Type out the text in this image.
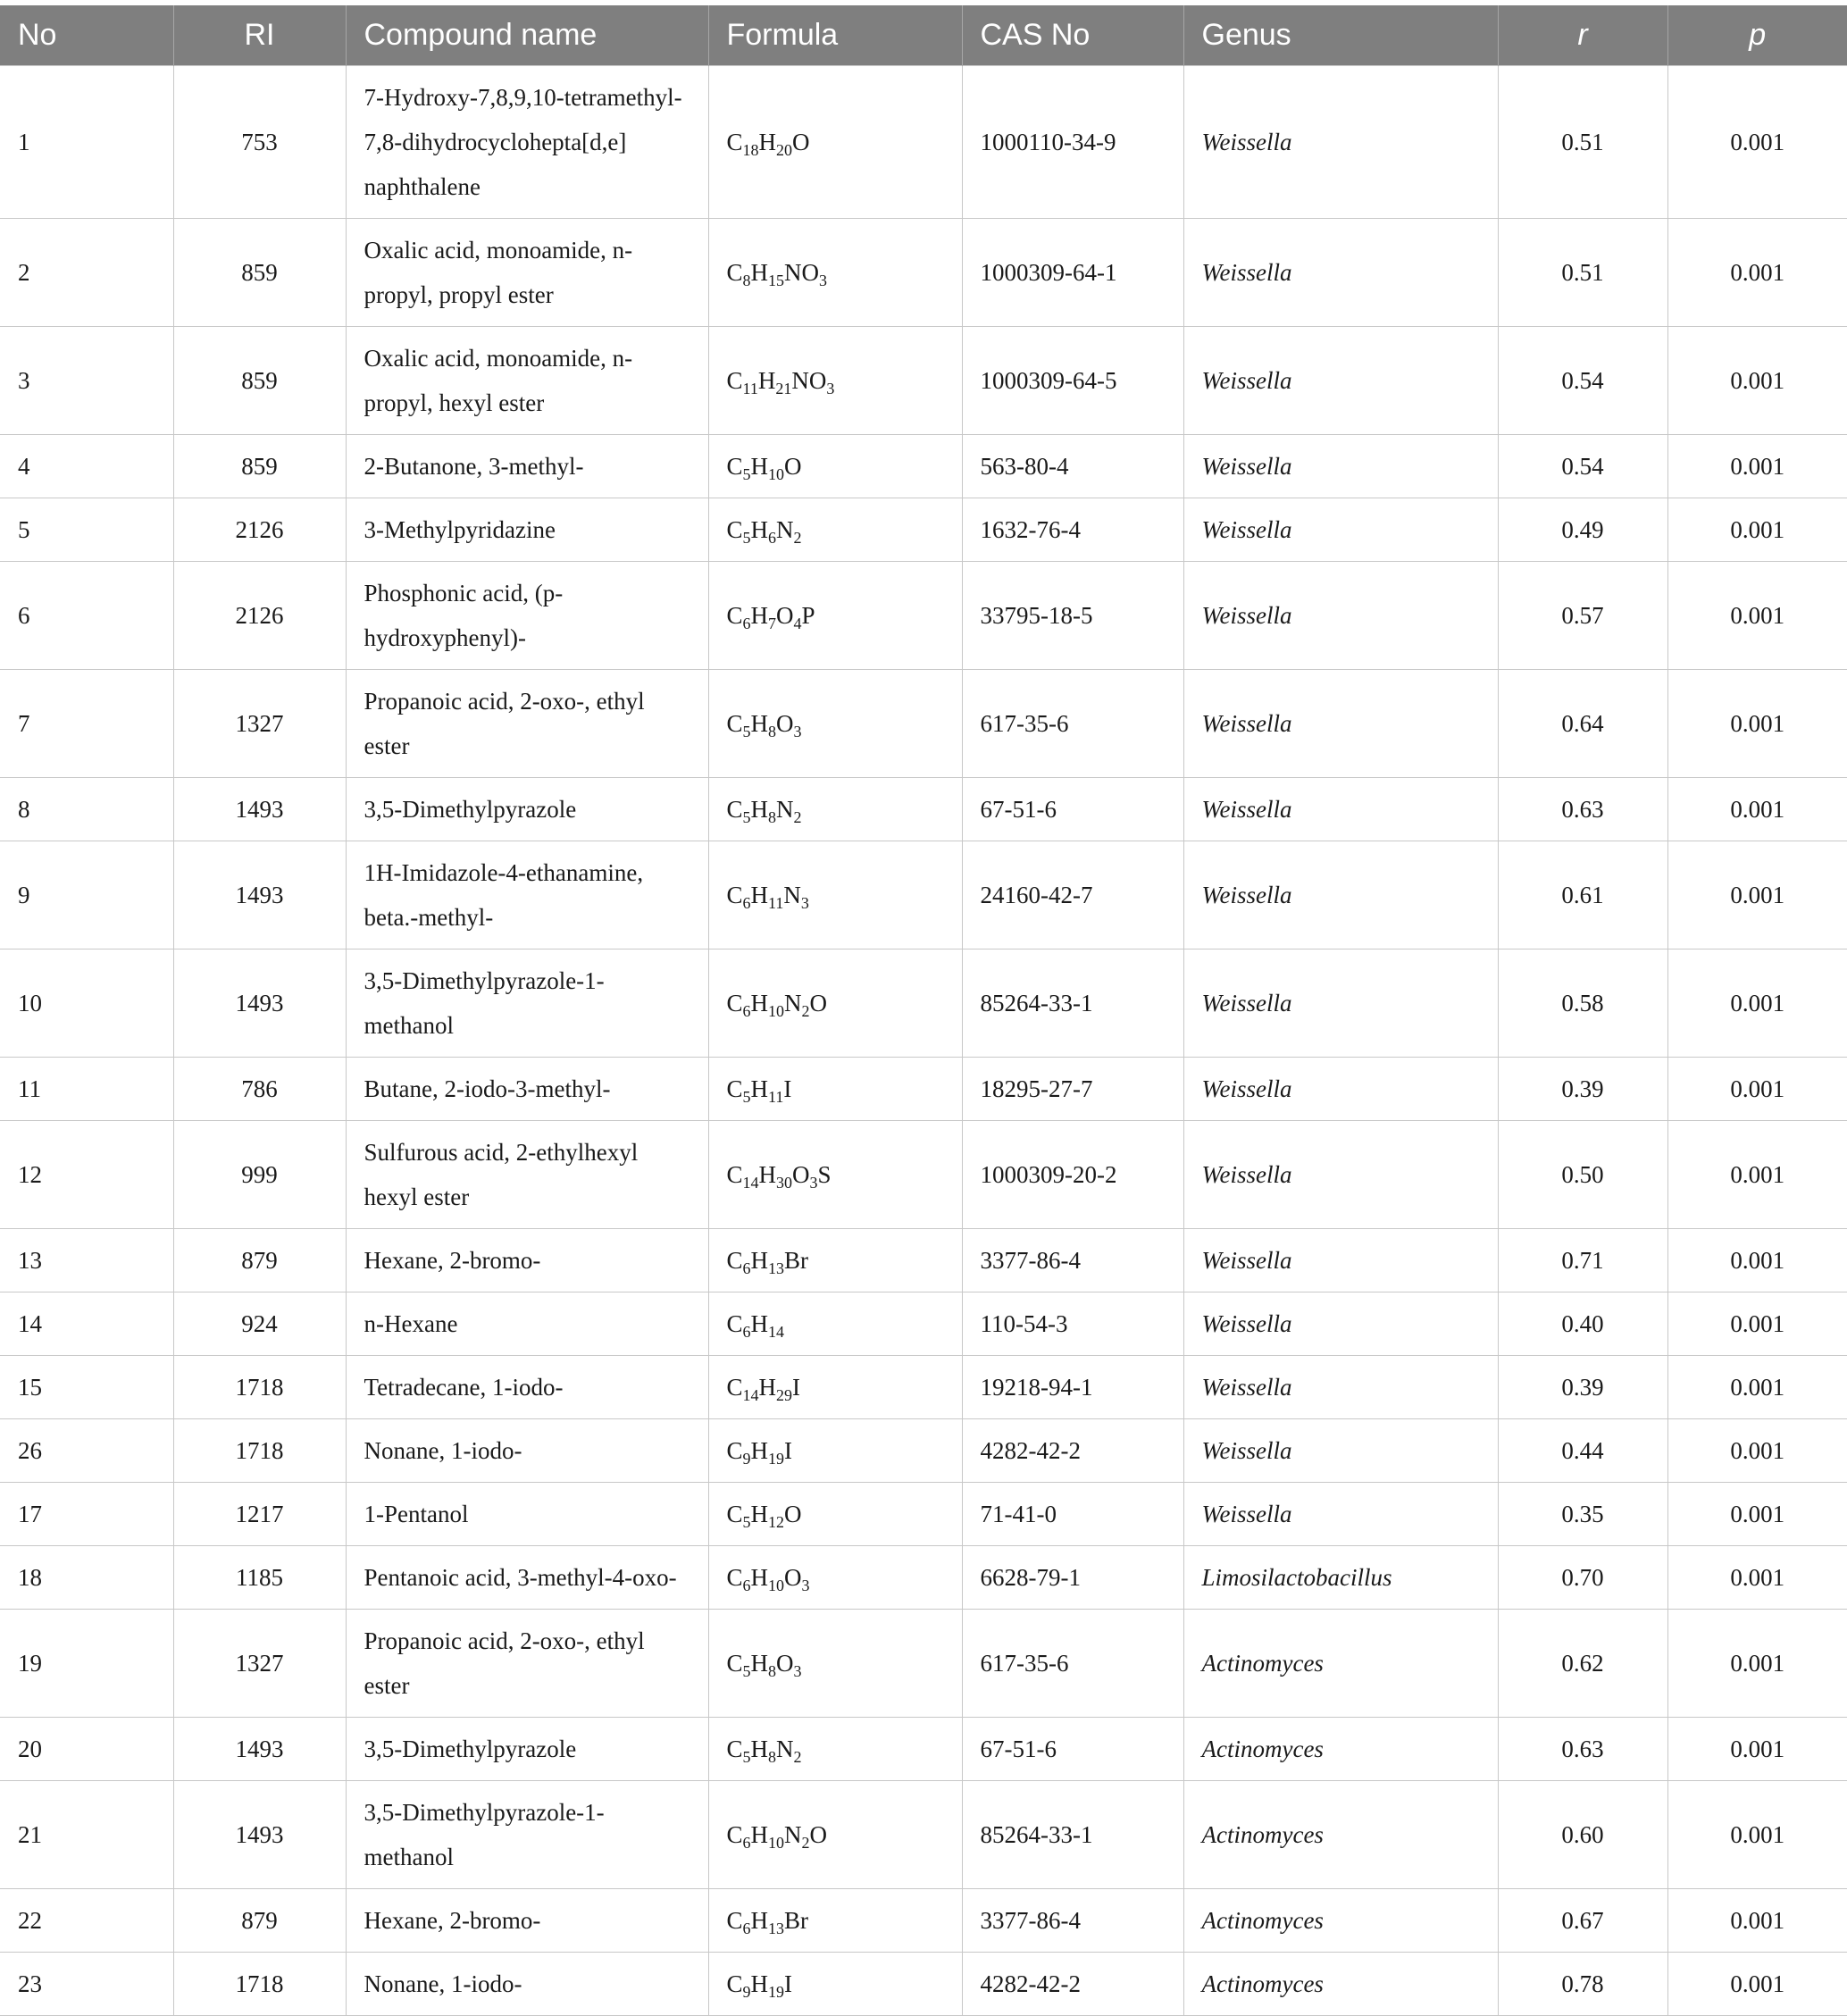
No	RI	Compound name	Formula	CAS No	Genus	r	p
1	753	7-Hydroxy-7,8,9,10-tetramethyl-7,8-dihydrocyclohepta[d,e] naphthalene	$C_{18}H_{20}O$	1000110-34-9	Weissella	0.51	0.001
2	859	Oxalic acid, monoamide, n-propyl, propyl ester	$C_8H_{15}NO_3$	1000309-64-1	Weissella	0.51	0.001
3	859	Oxalic acid, monoamide, n-propyl, hexyl ester	$C_{11}H_{21}NO_3$	1000309-64-5	Weissella	0.54	0.001
4	859	2-Butanone, 3-methyl-	$C_5H_{10}O$	563-80-4	Weissella	0.54	0.001
5	2126	3-Methylpyridazine	$C_5H_6N_2$	1632-76-4	Weissella	0.49	0.001
6	2126	Phosphonic acid, (p-hydroxyphenyl)-	$C_6H_7O_4P$	33795-18-5	Weissella	0.57	0.001
7	1327	Propanoic acid, 2-oxo-, ethyl ester	$C_5H_8O_3$	617-35-6	Weissella	0.64	0.001
8	1493	3,5-Dimethylpyrazole	$C_5H_8N_2$	67-51-6	Weissella	0.63	0.001
9	1493	1H-Imidazole-4-ethanamine, beta.-methyl-	$C_6H_{11}N_3$	24160-42-7	Weissella	0.61	0.001
10	1493	3,5-Dimethylpyrazole-1-methanol	$C_6H_{10}N_2O$	85264-33-1	Weissella	0.58	0.001
11	786	Butane, 2-iodo-3-methyl-	$C_5H_{11}I$	18295-27-7	Weissella	0.39	0.001
12	999	Sulfurous acid, 2-ethylhexyl hexyl ester	$C_{14}H_{30}O_3S$	1000309-20-2	Weissella	0.50	0.001
13	879	Hexane, 2-bromo-	$C_6H_{13}Br$	3377-86-4	Weissella	0.71	0.001
14	924	n-Hexane	$C_6H_{14}$	110-54-3	Weissella	0.40	0.001
15	1718	Tetradecane, 1-iodo-	$C_{14}H_{29}I$	19218-94-1	Weissella	0.39	0.001
26	1718	Nonane, 1-iodo-	$C_9H_{19}I$	4282-42-2	Weissella	0.44	0.001
17	1217	1-Pentanol	$C_5H_{12}O$	71-41-0	Weissella	0.35	0.001
18	1185	Pentanoic acid, 3-methyl-4-oxo-	$C_6H_{10}O_3$	6628-79-1	Limosilactobacillus	0.70	0.001
19	1327	Propanoic acid, 2-oxo-, ethyl ester	$C_5H_8O_3$	617-35-6	Actinomyces	0.62	0.001
20	1493	3,5-Dimethylpyrazole	$C_5H_8N_2$	67-51-6	Actinomyces	0.63	0.001
21	1493	3,5-Dimethylpyrazole-1-methanol	$C_6H_{10}N_2O$	85264-33-1	Actinomyces	0.60	0.001
22	879	Hexane, 2-bromo-	$C_6H_{13}Br$	3377-86-4	Actinomyces	0.67	0.001
23	1718	Nonane, 1-iodo-	$C_9H_{19}I$	4282-42-2	Actinomyces	0.78	0.001
